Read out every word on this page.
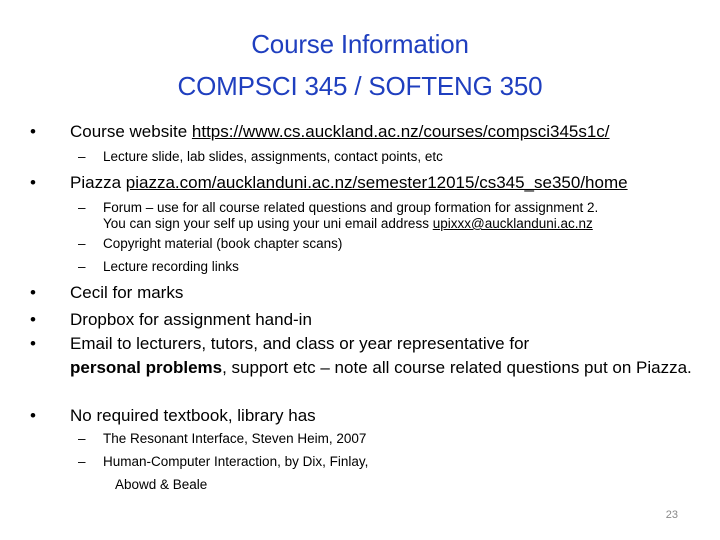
Course Information
COMPSCI 345 / SOFTENG 350
•	Course website https://www.cs.auckland.ac.nz/courses/compsci345s1c/
–	Lecture slide, lab slides, assignments, contact points, etc
•	Piazza piazza.com/aucklanduni.ac.nz/semester12015/cs345_se350/home
–	Forum – use for all course related questions and group formation for assignment 2.
You can sign your self up using your uni email address upixxx@aucklanduni.ac.nz
–	Copyright material (book chapter scans)
–	Lecture recording links
•	Cecil for marks
•	Dropbox for assignment hand-in
•	Email to lecturers, tutors, and class or year representative for
personal problems, support etc – note all course related questions put on Piazza.
•	No required textbook, library has
–	The Resonant Interface, Steven Heim, 2007
–	Human-Computer Interaction, by Dix, Finlay,
Abowd & Beale
23
